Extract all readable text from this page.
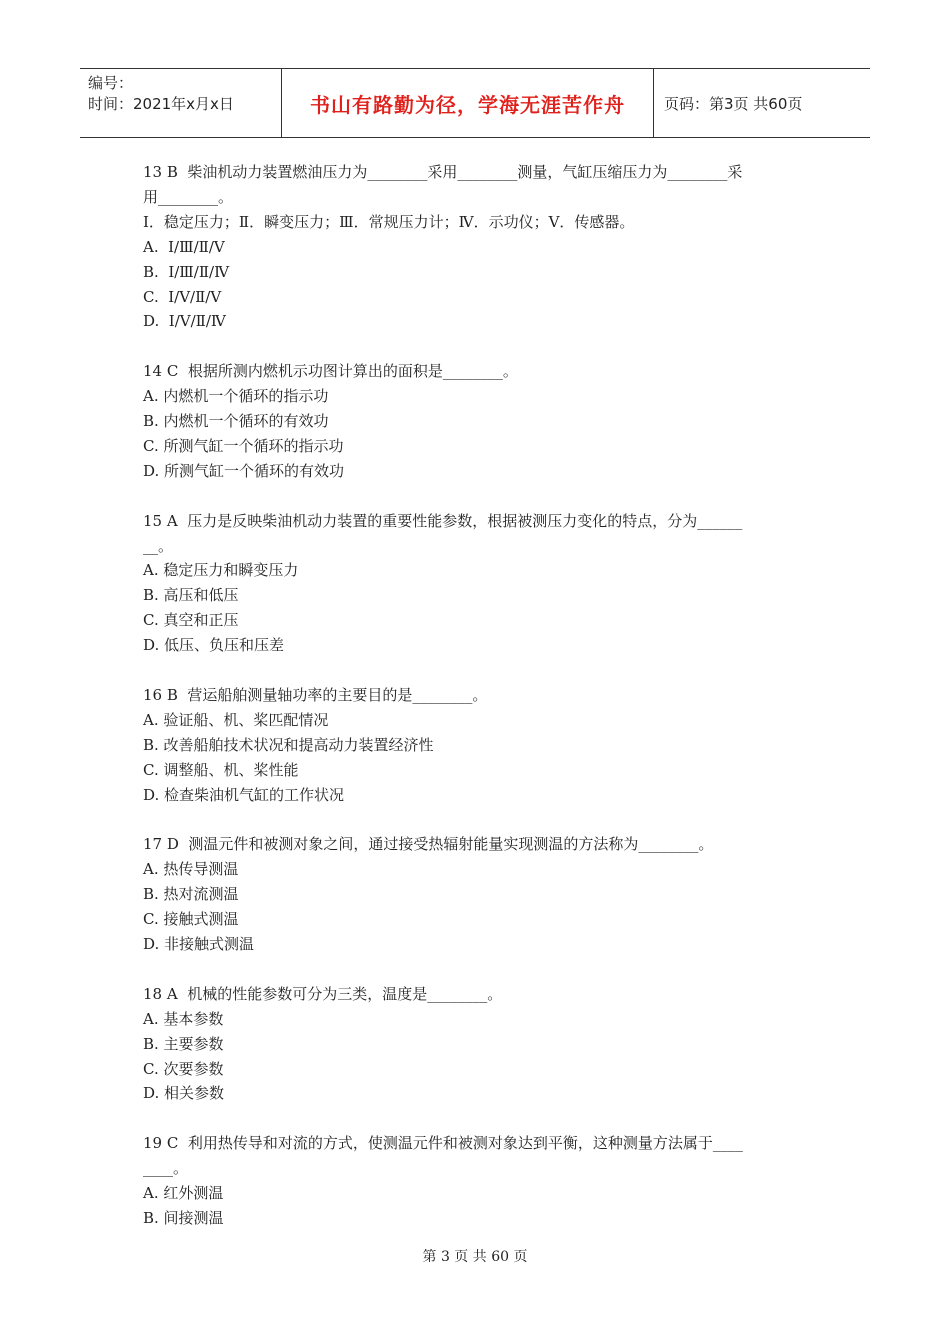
编号：
时间：2021年x月x日	书山有路勤为径，学海无涯苦作舟	页码：第3页 共60页
13 B  柴油机动力装置燃油压力为________采用________测量，气缸压缩压力为________采
用________。
Ⅰ．稳定压力；Ⅱ．瞬变压力；Ⅲ．常规压力计；Ⅳ．示功仪；Ⅴ．传感器。
A.  Ⅰ/Ⅲ/Ⅱ/Ⅴ
B.  Ⅰ/Ⅲ/Ⅱ/Ⅳ
C.  Ⅰ/Ⅴ/Ⅱ/Ⅴ
D.  Ⅰ/Ⅴ/Ⅱ/Ⅳ
14 C  根据所测内燃机示功图计算出的面积是________。
A. 内燃机一个循环的指示功
B. 内燃机一个循环的有效功
C. 所测气缸一个循环的指示功
D. 所测气缸一个循环的有效功
15 A  压力是反映柴油机动力装置的重要性能参数，根据被测压力变化的特点，分为______
__。
A. 稳定压力和瞬变压力
B. 高压和低压
C. 真空和正压
D. 低压、负压和压差
16 B  营运船舶测量轴功率的主要目的是________。
A. 验证船、机、桨匹配情况
B. 改善船舶技术状况和提高动力装置经济性
C. 调整船、机、桨性能
D. 检查柴油机气缸的工作状况
17 D  测温元件和被测对象之间，通过接受热辐射能量实现测温的方法称为________。
A. 热传导测温
B. 热对流测温
C. 接触式测温
D. 非接触式测温
18 A  机械的性能参数可分为三类，温度是________。
A. 基本参数
B. 主要参数
C. 次要参数
D. 相关参数
19 C  利用热传导和对流的方式，使测温元件和被测对象达到平衡，这种测量方法属于____
____。
A. 红外测温
B. 间接测温
第 3 页 共 60 页
